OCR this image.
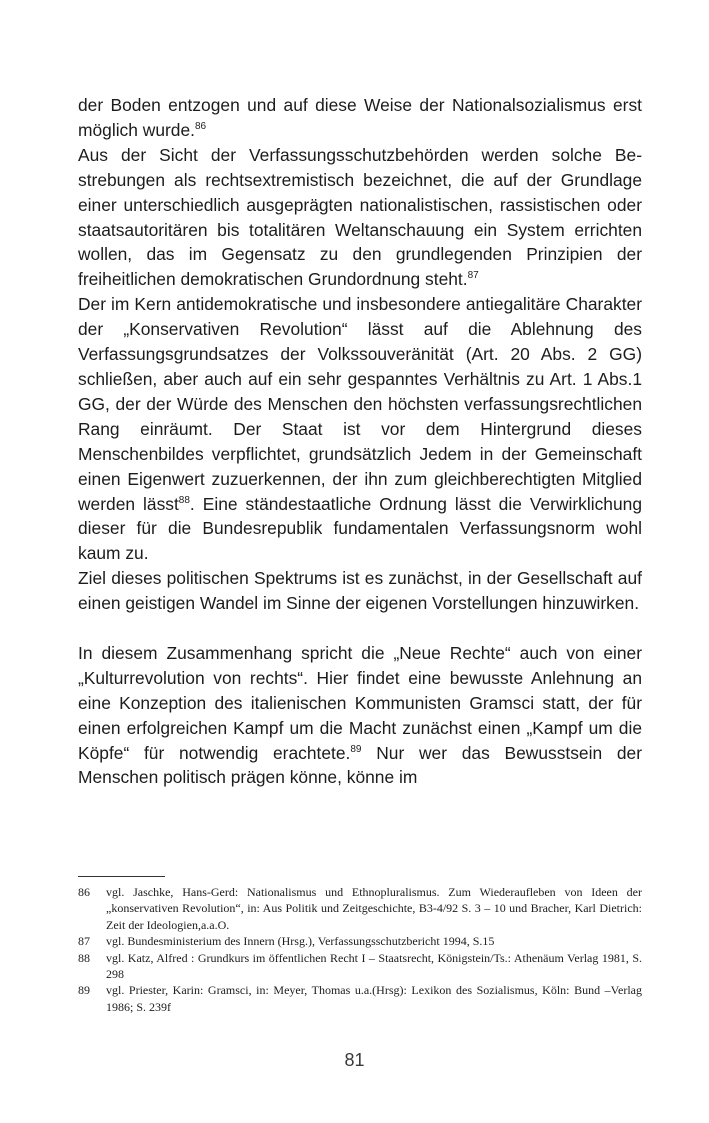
der Boden entzogen und auf diese Weise der Nationalsozialismus erst möglich wurde.$^{86}$

Aus der Sicht der Verfassungsschutzbehörden werden solche Bestrebungen als rechtsextremistisch bezeichnet, die auf der Grundlage einer unterschiedlich ausgeprägten nationalistischen, rassistischen oder staatsautoritären bis totalitären Weltanschauung ein System errichten wollen, das im Gegensatz zu den grundlegenden Prinzipien der freiheitlichen demokratischen Grundordnung steht.$^{87}$

Der im Kern antidemokratische und insbesondere antiegalitäre Charakter der „Konservativen Revolution“ lässt auf die Ablehnung des Verfassungsgrundsatzes der Volkssouveränität (Art. 20 Abs. 2 GG) schließen, aber auch auf ein sehr gespanntes Verhältnis zu Art. 1 Abs.1 GG, der der Würde des Menschen den höchsten verfassungsrechtlichen Rang einräumt. Der Staat ist vor dem Hintergrund dieses Menschenbildes verpflichtet, grundsätzlich Jedem in der Gemeinschaft einen Eigenwert zuzuerkennen, der ihn zum gleichberechtigten Mitglied werden lässt$^{88}$. Eine ständestaatliche Ordnung lässt die Verwirklichung dieser für die Bundesrepublik fundamentalen Verfassungsnorm wohl kaum zu.

Ziel dieses politischen Spektrums ist es zunächst, in der Gesellschaft auf einen geistigen Wandel im Sinne der eigenen Vorstellungen hinzuwirken.

In diesem Zusammenhang spricht die „Neue Rechte“ auch von einer „Kulturrevolution von rechts“. Hier findet eine bewusste Anlehnung an eine Konzeption des italienischen Kommunisten Gramsci statt, der für einen erfolgreichen Kampf um die Macht zunächst einen „Kampf um die Köpfe“ für notwendig erachtete.$^{89}$ Nur wer das Bewusstsein der Menschen politisch prägen könne, könne im

86	vgl. Jaschke, Hans-Gerd: Nationalismus und Ethnopluralismus. Zum Wiederaufleben von Ideen der „konservativen Revolution“, in: Aus Politik und Zeitgeschichte, B3-4/92 S. 3 – 10 und Bracher, Karl Dietrich: Zeit der Ideologien,a.a.O.
87	vgl. Bundesministerium des Innern (Hrsg.), Verfassungsschutzbericht 1994, S.15
88	vgl. Katz, Alfred : Grundkurs im öffentlichen Recht I – Staatsrecht, Königstein/Ts.: Athenäum Verlag 1981, S. 298
89	vgl. Priester, Karin: Gramsci, in: Meyer, Thomas u.a.(Hrsg): Lexikon des Sozialismus, Köln: Bund –Verlag 1986; S. 239f
81
